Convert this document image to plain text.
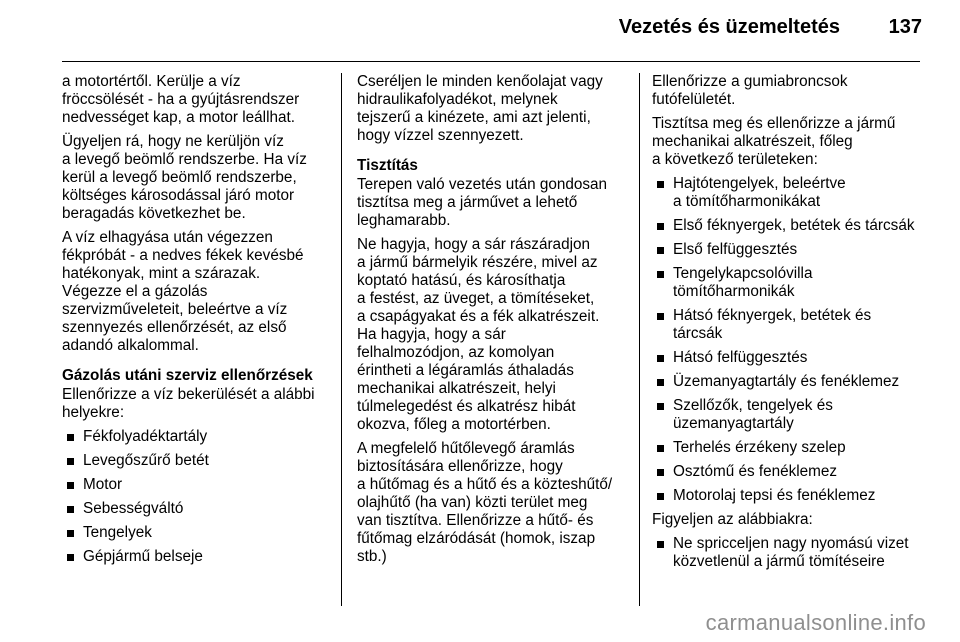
Vezetés és üzemeltetés 137

a motortértől. Kerülje a víz
fröccsölését - ha a gyújtásrendszer
nedvességet kap, a motor leállhat.

Ügyeljen rá, hogy ne kerüljön víz
a levegő beömlő rendszerbe. Ha víz
kerül a levegő beömlő rendszerbe,
költséges károsodással járó motor
beragadás következhet be.

A víz elhagyása után végezzen
fékpróbát - a nedves fékek kevésbé
hatékonyak, mint a szárazak.
Végezze el a gázolás
szervizműveleteit, beleértve a víz
szennyezés ellenőrzését, az első
adandó alkalommal.

Gázolás utáni szerviz ellenőrzések

Ellenőrizze a víz bekerülését a alábbi
helyekre:

Fékfolyadéktartály
Levegőszűrő betét
Motor
Sebességváltó
Tengelyek
Gépjármű belseje

Cseréljen le minden kenőolajat vagy
hidraulikafolyadékot, melynek
tejszerű a kinézete, ami azt jelenti,
hogy vízzel szennyezett.

Tisztítás

Terepen való vezetés után gondosan
tisztítsa meg a járművet a lehető
leghamarabb.

Ne hagyja, hogy a sár rászáradjon
a jármű bármelyik részére, mivel az
koptató hatású, és károsíthatja
a festést, az üveget, a tömítéseket,
a csapágyakat és a fék alkatrészeit.
Ha hagyja, hogy a sár
felhalmozódjon, az komolyan
érintheti a légáramlás áthaladás
mechanikai alkatrészeit, helyi
túlmelegedést és alkatrész hibát
okozva, főleg a motortérben.

A megfelelő hűtőlevegő áramlás
biztosítására ellenőrizze, hogy
a hűtőmag és a hűtő és a közteshűtő/
olajhűtő (ha van) közti terület meg
van tisztítva. Ellenőrizze a hűtő- és
fűtőmag elzáródását (homok, iszap
stb.)

Ellenőrizze a gumiabroncsok
futófelületét.

Tisztítsa meg és ellenőrizze a jármű
mechanikai alkatrészeit, főleg
a következő területeken:

Hajtótengelyek, beleértve
a tömítőharmonikákat
Első féknyergek, betétek és tárcsák
Első felfüggesztés
Tengelykapcsolóvilla
tömítőharmonikák
Hátsó féknyergek, betétek és
tárcsák
Hátsó felfüggesztés
Üzemanyagtartály és fenéklemez
Szellőzők, tengelyek és
üzemanyagtartály
Terhelés érzékeny szelep
Osztómű és fenéklemez
Motorolaj tepsi és fenéklemez

Figyeljen az alábbiakra:

Ne spricceljen nagy nyomású vizet
közvetlenül a jármű tömítéseire
carmanualsonline.info
